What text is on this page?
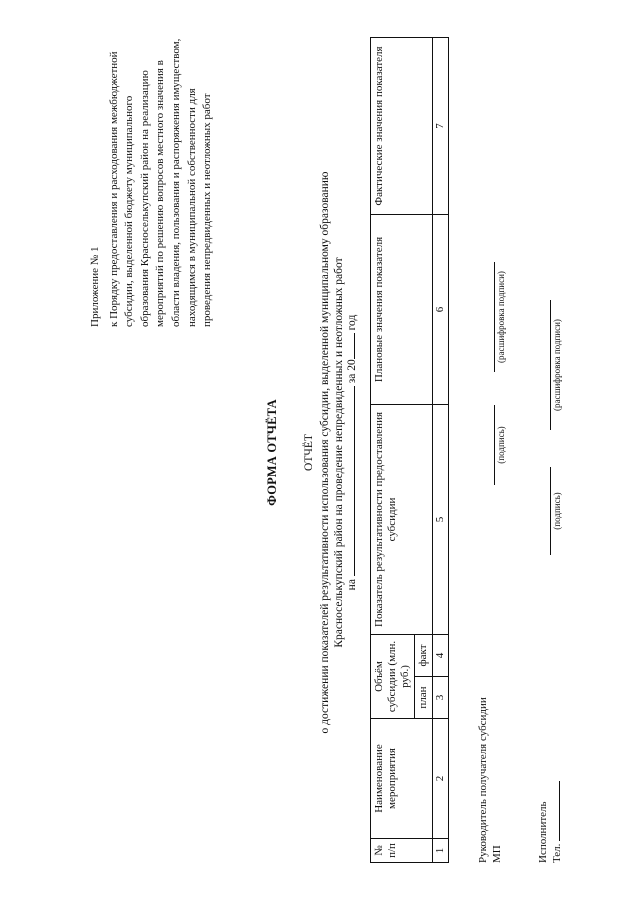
Приложение № 1 к Порядку предоставления и расходования межбюджетной субсидии, выделенной бюджету муниципального образования Красноселькупский район на реализацию мероприятий по решению вопросов местного значения в области владения, пользования и распоряжения имуществом, находящимся в муниципальной собственности для проведения непредвиденных и неотложных работ
ФОРМА ОТЧЁТА ОТЧЁТ о достижении показателей результативности использования субсидии, выделенной муниципальному образованию Красноселькупский район на проведение непредвиденных и неотложных работ на  за 20 год
№ п/п	Наименование мероприятия	Объём субсидии (млн. руб.)		Показатель результативности предоставления субсидии	Плановые значения показателя	Фактические значения показателя
		план	факт			
1	2	3	4	5	6	7
Руководитель получателя субсидии МП
(подпись)
(расшифровка подписи)
Исполнитель Тел.
(подпись)
(расшифровка подписи)
